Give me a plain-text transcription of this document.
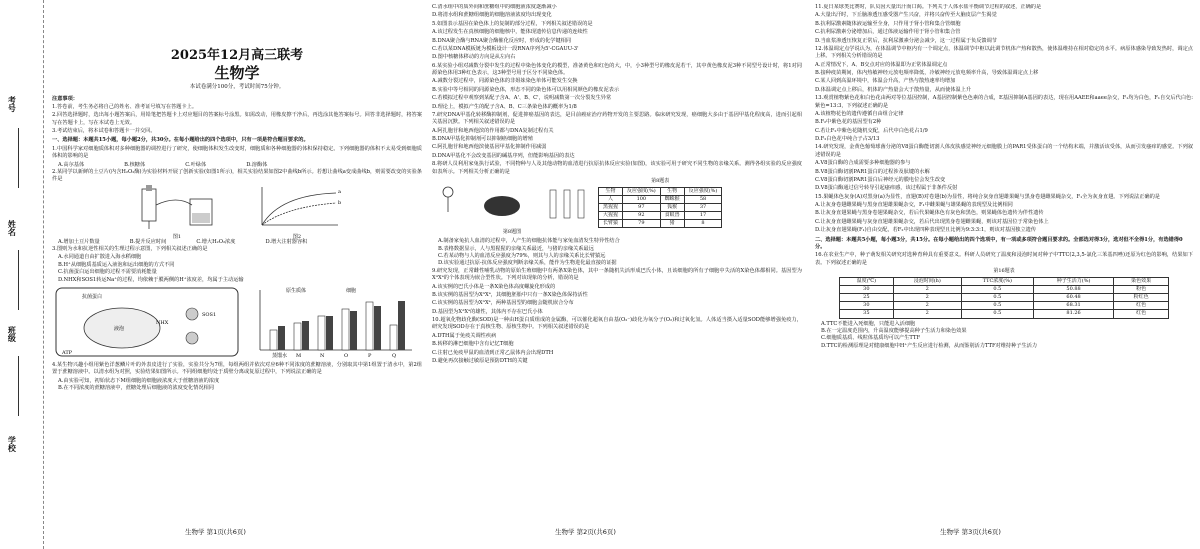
考号
姓名
班级
学校
2025年12月高三联考
生物学
本试卷满分100分，考试时间75分钟。
注意事项：
1.答卷前，考生务必将自己的姓名、准考证号填写在答题卡上。
2.回答选择题时，选出每小题答案后，用铅笔把答题卡上对应题目的答案标号涂黑。如需改动，用橡皮擦干净后，再选涂其他答案标号。回答非选择题时，将答案写在答题卡上，写在本试卷上无效。
3.考试结束后，将本试卷和答题卡一并交回。
一、选择题：本题共15小题，每小题2分，共30分。在每小题给出的四个选项中，只有一项是符合题目要求的。
1.中国科学家对细胞质体积对多种细胞器的调控进行了研究，使细胞体积发生改变时，细胞质和各种细胞器的体积保持稳定。下列细胞器的体积不太易受到细胞质体积的影响的是
A.高尔基体	B.核糖体	C.叶绿体	D.溶酶体
2.某同学以新鲜的土豆片(内含H₂O₂酶)为实验材料开展了创新实验(如图1所示)，相关实验结果如图2中曲线b所示。若想让曲线a变成曲线b，则需要改变的实验条件是
图1
a
b
图2
A.增加土豆片数量	B.提升反应时间	C.增大H₂O₂浓度	D.增大注射器容积
3.图则为水和抗逆性相关的生理过程示意图，下列相关叙述正确的是
A.水同通道自由扩散进入海水稻细胞
B.H⁺从细胞质基质运入液泡和运出细胞的方式不同
C.抗菌蛋白运出细胞的过程不需要消耗能量
D.NHX和SOS1转运Na⁺的过程，均依赖于膜两侧的H⁺浓度差，均属于主动运输
液泡
ATP
SOS1
NHX
抗菌蛋白
蒸馏水 M	N	O	P	Q
原生质体	细胞
4.某生物兴趣小组用紫色洋葱鳞片叶的外表皮进行了实验，实验共分为7组，每组两组并依次对应6种不同浓度的蔗糖溶液，分别取其中第1组置于清水中，第2组置于蔗糖溶液中。以清水组为对照，实验结果如图所示。不同组细胞均处于质壁分离或复原过程中，下列说法正确的是
A.由实验可知，初始状态下M组细胞的细胞液浓度大于蔗糖溶液的浓度
B.在不同浓度的蔗糖溶液中，蔗糖处理后细胞液的浓度变化情况相同
生物学 第1页(共6页)
C.清水组中的质外间和蔗糖组中的细胞液浓度逐渐减小
D.将清水组和蔗糖组细胞的细胞溶液浓度均出现变化
5.如图表示基因在染色体上的复制的部分过程，下列相关叙述错误的是
A.该过程发生在真核细胞的细胞核中，能体现遗传信息传递的连续性
B.DNA聚合酶与RNA聚合酶催化反应时，形成的化学键相同
C.若以某DNA模板链为模板设计一段RNA序列为5'-CGAUU-3'
D.图中核糖体移动的方向是从左向右
6.某实验小组对减数分裂中发生的过程中染色体变化的模型，准备黄色和红色的大，中，小3种型号的橡皮泥若干，其中黄色橡皮泥3种不同型号设计时，将1对同源染色体用3种红色表示，这3种型号用于区分不同染色体。
A.减数分裂过程中，同源染色体的非姐妹染色单体可能发生交换
B.实验中等号相同的同源染色体，形态不同的染色体可以用相同颜色的橡皮泥表示
C.若模拟过程中观察到某配子含A、A'、B、C'，说明减数第一次分裂发生异常
D.理论上，模拟产生的配子含A、B、C三条染色体的概率为1/8
7.研究DNA甲基化转移酶抑制剂，促进抑癌基因的表达，是目前癌症治疗药物开发的主要思路。临床研究发现，癌细胞大多由于基因甲基化程度高，进而引起相关基因沉默。下列相关叙述错误的是
A.阿扎胞苷和地西他滨的作用都与DNA复制过程有关
B.DNA甲基化抑制剂可以抑制癌细胞的增殖
C.阿扎胞苷和地西他滨使基因甲基化抑制作用减弱
D.DNA甲基化不会改变基因的碱基序列，但能影响基因的表达
8.将研人员利用家兔执行试验，不同物种与人及其他动物的血清进行抗原抗体反应实验(如图)，该实验可用于研究不同生物的亲缘关系。测得各组实验的反应强度如表所示。下列相关分析正确的是
第8题图
第8题表
生物	反应强度(%)	生物	反应强度(%)
人	100	蜘蛛猴	58
黑猩猩	97	狐猴	37
大猩猩	92	食蚁兽	17
长臂猿	79	猪	8
A.制备家兔抗人血清的过程中，人产生的细胞抗体能与家兔血清发生特异性结合
B.表格数据显示，人与黑猩猩的亲缘关系最近，与猪的亲缘关系最远
C.若某动物与人的血清反应强度为79%，则其与人的亲缘关系比长臂猿远
D.该实验通过抗原-抗体反应强度判断亲缘关系，能作为生物进化最直接的证据
9.研究发现，正常雌性哺乳动物的原始生殖细胞中有两条X染色体，其中一条随机失活形成巴氏小体，且该细胞的所有子细胞中失活的X染色体都相同。基因型为XᴬXᵃ的个体表现为嵌合型性状。下列对该现象的分析，错误的是
A.该实例的巴氏小体是一条X染色体高度螺旋化形成的
B.该实例的基因型为XᴬXᵃ，其细胞胚胎中只有一条X染色体保持活性
C.该实例的基因型为XᴬXᵃ，两种基因型的细胞会随机嵌合分布
D.基因型为XᴬXᵃ的雄性，其体内不存在巴氏小体
10.超氧化物歧化酶(SOD)是一种由H蛋白质组成的金属酶，可以催化超氧自由基(O₂⁻)歧化为氧分子(O₂)和过氧化氢。人体适当摄入适量SOD能够增强免疫力，研究发现SOD存在于真核生物、原核生物中。下列相关叙述错误的是
A.DTH属于免疫关调性疾病
B.转移的淋巴细胞中含有记忆T细胞
C.注射已免疫甲鼠的血清到正常乙鼠体内会出现DTH
D.避免再次接触过敏原是预防DTH的关键
生物学 第2页(共6页)
11.夏日某球类比赛时，队员因大量出汗而口渴。下列关于人体水盐平衡调节过程的叙述，正确的是
A.大量出汗时，下丘脑渗透压感受器产生兴奋，并将兴奋传至大脑皮层产生渴觉
B.抗利尿激素随体液运输至全身，只作用于肾小管和集合管细胞
C.抗利尿激素分泌增加后，通过体液运输作用于肾小管和集合管
D.当血浆渗透压恢复正常后，抗利尿激素分泌会减少，这一过程属于负反馈调节
12.体温调定点学说认为，在体温调节中枢内有一个调定点，体温调节中枢以此调节机体产热和散热，使体温维持在相对稳定的水平。病原体感染导致发热时，调定点上移。下列相关分析错误的是
A.正常情况下，A、B交点对应的体温即为正常体温调定点
B.接种疫苗期间，体内热敏神经元放电频率降低，冷敏神经元放电频率升高，导致体温调定点上移
C.某人回到高温环境中，体温会升高，产热与散热速率均增加
D.体温调定点上移后，机体的产热量会大于散热量，从而使体温上升
13.观赏植物紫色花和白色花由两对等位基因控制，A基因控制紫色色素的合成，E基因抑制A基因的表达，现在用AAEE和aaee杂交，F₁均为白色，F₁自交后代白色:紫色=13:3，下列叙述正确的是
A.该植物花色的遗传遵循自由组合定律
B.F₂中紫色花的基因型有2种
C.若让F₂中紫色花随机交配，后代中白色花占1/9
D.F₂白色花中纯合子占3/13
14.研究发现，金黄色葡萄球菌分泌的V8蛋白酶能切割人体皮肤感觉神经元细胞膜上的PAR1受体蛋白的一个结构末端，并激活该受体，从而引发瘙痒的感觉。下列叙述错误的是
A.V8蛋白酶的合成需要多种细胞器的参与
B.V8蛋白酶切割PAR1蛋白的过程涉及肽键的水解
C.V8蛋白酶切割PAR1蛋白后神经元的膜电位会发生改变
D.V8蛋白酶通过信号转导引起瘙痒感，该过程属于非条件反射
15.果蝇体色灰身(A)对黑身(a)为显性，直翅(B)对卷翅(b)为显性，将纯合灰身直翅雄果蝇与黑身卷翅雌果蝇杂交，F₁全为灰身直翅。下列说法正确的是
A.让灰身卷翅雌果蝇与黑身直翅雄果蝇杂交，F₁中雌果蝇与雄果蝇的表现型及比例相同
B.让灰身直翅果蝇与黑身卷翅果蝇杂交，若后代果蝇体色有灰色和黑色，则果蝇体色遗传为伴性遗传
C.让灰身直翅雌果蝇与灰身直翅雄果蝇杂交，若后代出现黑身卷翅雌果蝇，则该对基因位于常染色体上
D.让灰身直翅果蝇(F₁)自由交配，若F₂中出现四种表现型且比例为9:3:3:1，则该对基因独立遗传
二、选择题：本题共5小题，每小题3分，共15分。在每小题给出的四个选项中，有一项或多项符合题目要求的。全部选对得3分，选对但不全得1分，有选错得0分。
16.在农业生产中，种子萌发相关研究对选种育种具有重要意义。科研人员研究了温度和浸泡时间对种子中TTC(2,3,5-氯化三苯基四唑)还原为红色的影响，结果如下表。下列叙述正确的是
第16题表
温度(℃)	浸泡时间(h)	TTC浓度(%)	种子生活力(%)	染色效果
30	2	0.5	50.88	粉色
25	2	0.5	60.48	粉红色
30	2	0.5	68.31	红色
35	2	0.5	81.26	红色
A.TTC不能进入死细胞，只能进入活细胞
B.在一定温度范围内，升高温度能够提高种子生活力和染色效果
C.细胞质基质、线粒体基质均可以产生TTF
D.TTC的检测原理是对健康细胞中H⁺产生反应进行检测，从而鉴别活力TTF对维持种子生活力
生物学 第3页(共6页)
